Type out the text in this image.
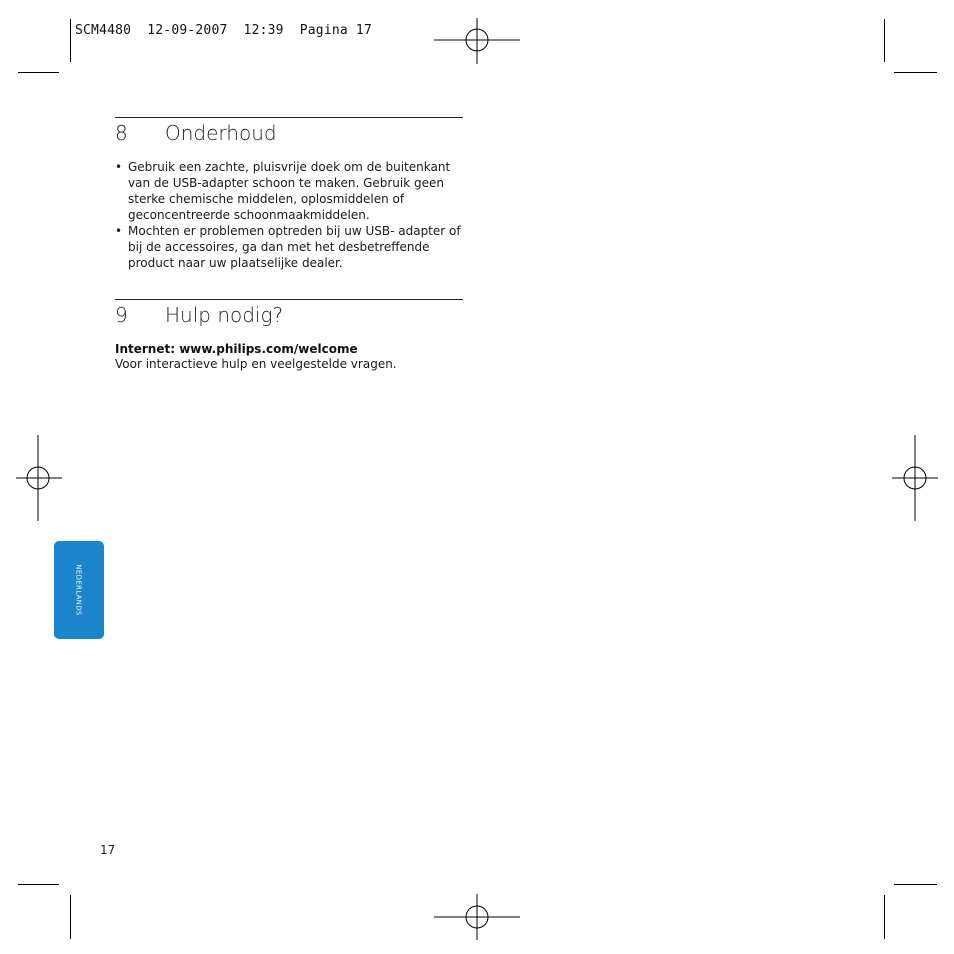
SCM4480  12-09-2007  12:39  Pagina 17
8 Onderhoud
• Gebruik een zachte, pluisvrije doek om de buitenkant van de USB-adapter schoon te maken. Gebruik geen sterke chemische middelen, oplosmiddelen of geconcentreerde schoonmaakmiddelen.
• Mochten er problemen optreden bij uw USB- adapter of bij de accessoires, ga dan met het desbetreffende product naar uw plaatselijke dealer.
9 Hulp nodig?
Internet: www.philips.com/welcome
Voor interactieve hulp en veelgestelde vragen.
NEDERLANDS
17
